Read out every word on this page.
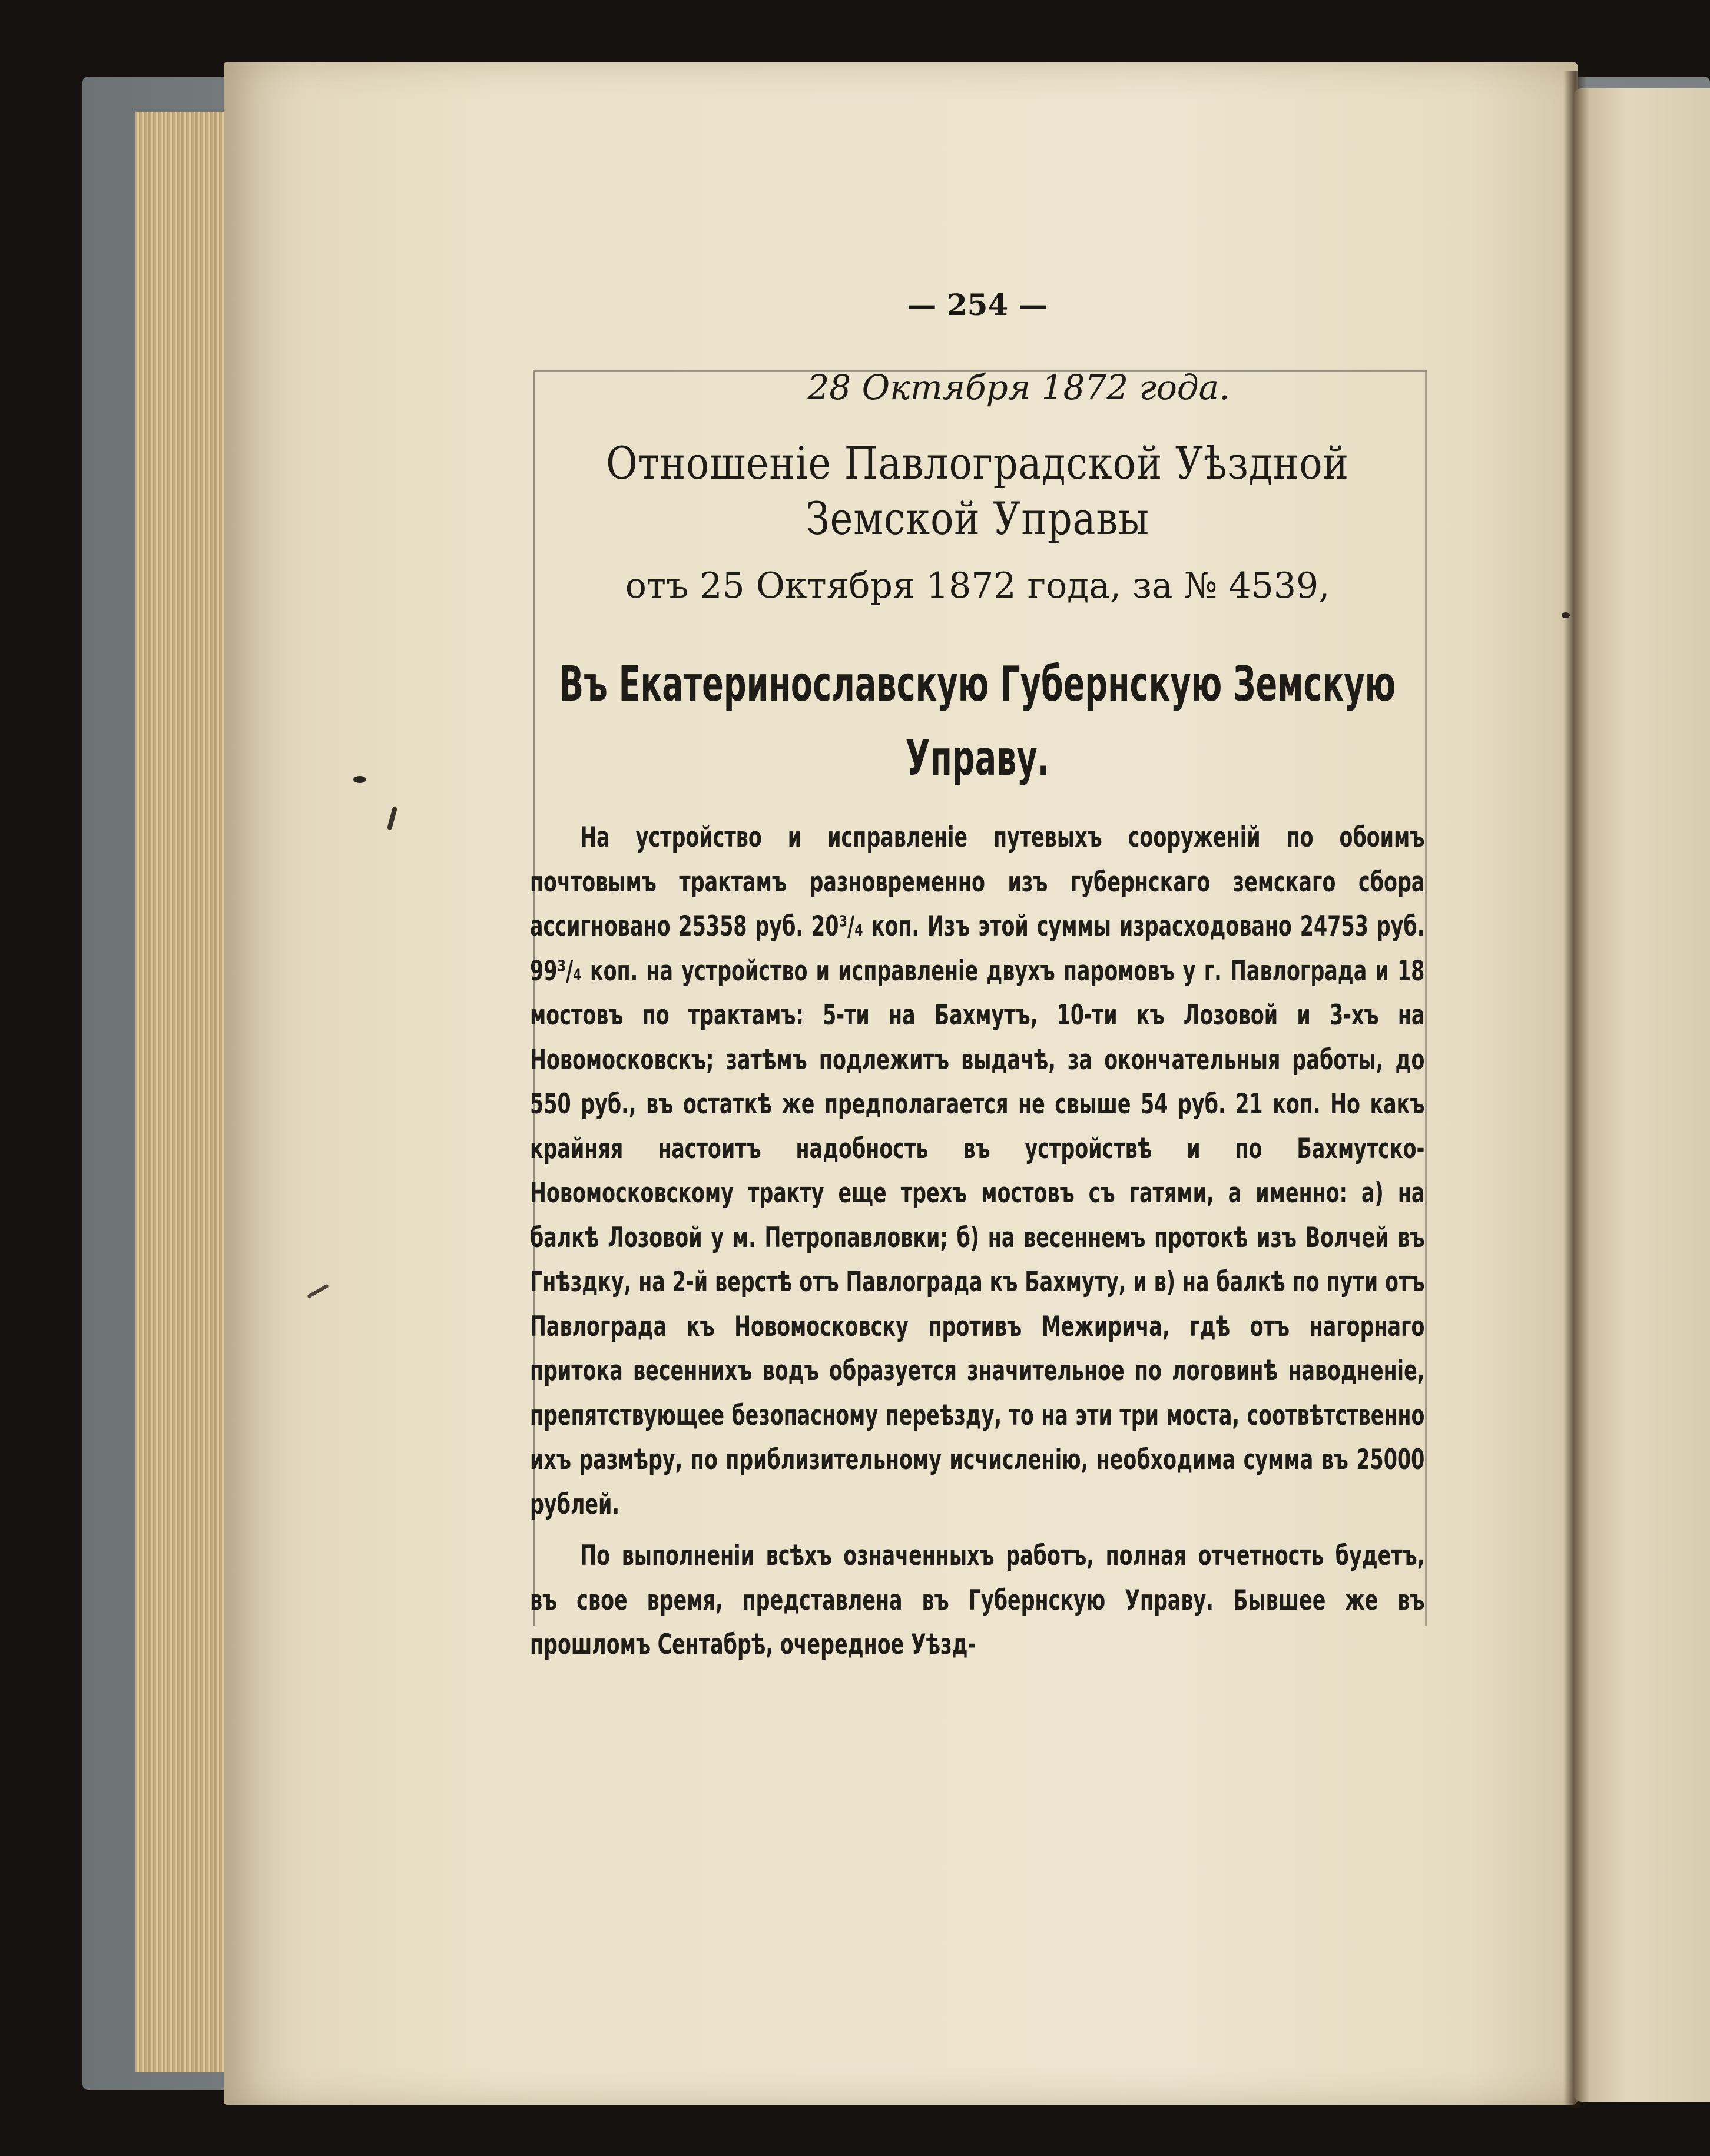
— 254 —
28 Октября 1872 года.
Отношеніе Павлоградской Уѣздной
Земской Управы
отъ 25 Октября 1872 года, за № 4539,
Въ Екатеринославскую Губернскую Земскую
Управу.

На устройство и исправленіе путевыхъ сооруженій по обоимъ почтовымъ трактамъ разновременно изъ губернскаго земскаго сбора ассигновано 25358 руб. 20³/₄ коп. Изъ этой суммы израсходовано 24753 руб. 99³/₄ коп. на устройство и исправленіе двухъ паромовъ у г. Павлограда и 18 мостовъ по трактамъ: 5-ти на Бахмутъ, 10-ти къ Лозовой и 3-хъ на Новомосковскъ; затѣмъ подлежитъ выдачѣ, за окончательныя работы, до 550 руб., въ остаткѣ же предполагается не свыше 54 руб. 21 коп. Но какъ крайняя настоитъ надобность въ устройствѣ и по Бахмутско-Новомосковскому тракту еще трехъ мостовъ съ гатями, а именно: а) на балкѣ Лозовой у м. Петропавловки; б) на весеннемъ протокѣ изъ Волчей въ Гнѣздку, на 2-й верстѣ отъ Павлограда къ Бахмуту, и в) на балкѣ по пути отъ Павлограда къ Новомосковску противъ Межирича, гдѣ отъ нагорнаго притока весеннихъ водъ образуется значительное по логовинѣ наводненіе, препятствующее безопасному переѣзду, то на эти три моста, соотвѣтственно ихъ размѣру, по приблизительному исчисленію, необходима сумма въ 25000 рублей.

По выполненіи всѣхъ означенныхъ работъ, полная отчетность будетъ, въ свое время, представлена въ Губернскую Управу. Бывшее же въ прошломъ Сентабрѣ, очередное Уѣзд-
